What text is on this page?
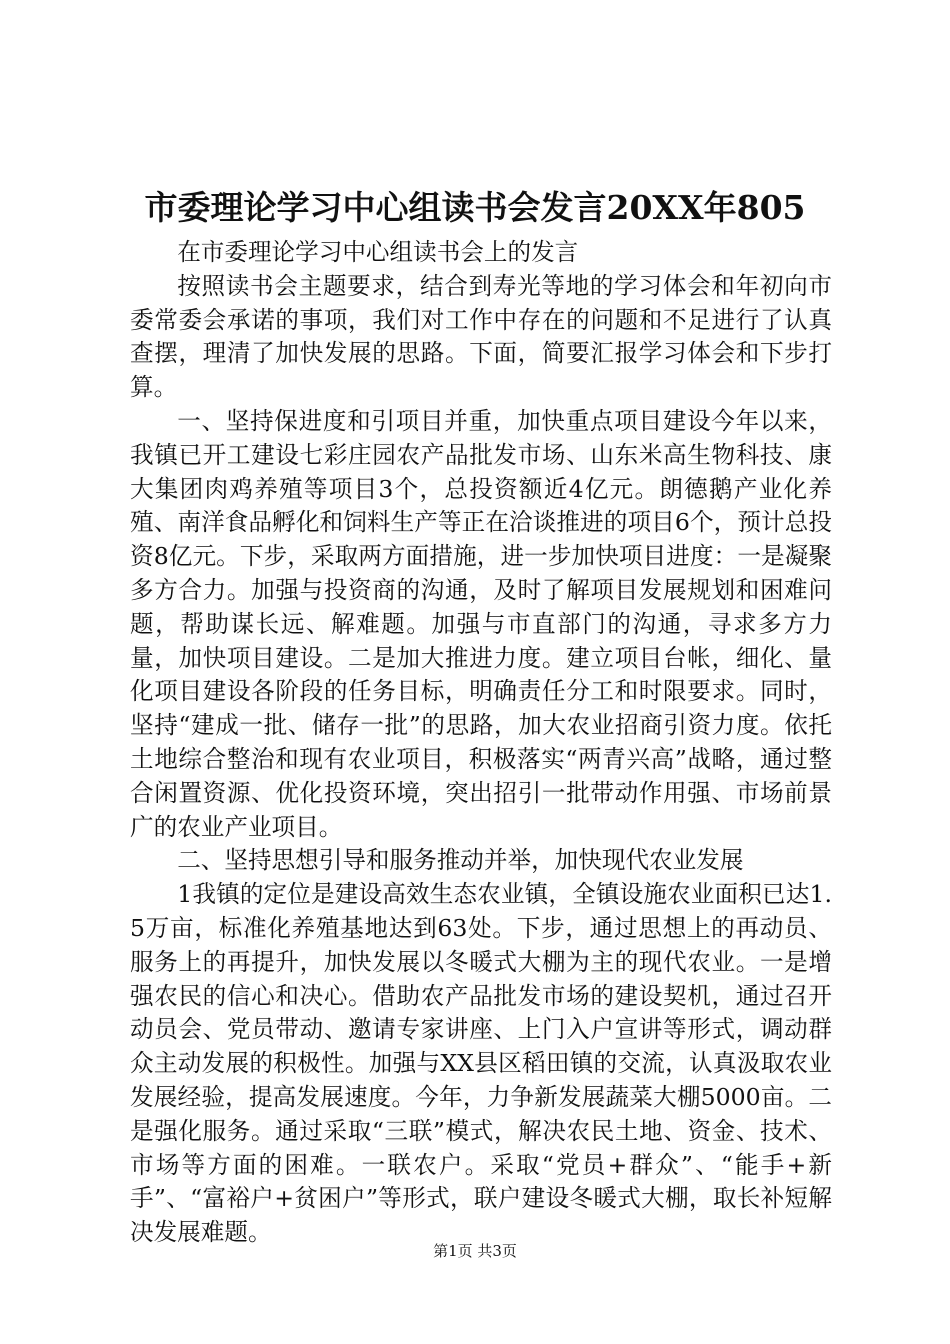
市委理论学习中心组读书会发言20XX年805

在市委理论学习中心组读书会上的发言

按照读书会主题要求，结合到寿光等地的学习体会和年初向市委常委会承诺的事项，我们对工作中存在的问题和不足进行了认真查摆，理清了加快发展的思路。下面，简要汇报学习体会和下步打算。

一、坚持保进度和引项目并重，加快重点项目建设今年以来，我镇已开工建设七彩庄园农产品批发市场、山东米高生物科技、康大集团肉鸡养殖等项目3个，总投资额近4亿元。朗德鹅产业化养殖、南洋食品孵化和饲料生产等正在洽谈推进的项目6个，预计总投资8亿元。下步，采取两方面措施，进一步加快项目进度：一是凝聚多方合力。加强与投资商的沟通，及时了解项目发展规划和困难问题，帮助谋长远、解难题。加强与市直部门的沟通，寻求多方力量，加快项目建设。二是加大推进力度。建立项目台帐，细化、量化项目建设各阶段的任务目标，明确责任分工和时限要求。同时，坚持“建成一批、储存一批”的思路，加大农业招商引资力度。依托土地综合整治和现有农业项目，积极落实“两青兴高”战略，通过整合闲置资源、优化投资环境，突出招引一批带动作用强、市场前景广的农业产业项目。

二、坚持思想引导和服务推动并举，加快现代农业发展

1我镇的定位是建设高效生态农业镇，全镇设施农业面积已达1.5万亩，标准化养殖基地达到63处。下步，通过思想上的再动员、服务上的再提升，加快发展以冬暖式大棚为主的现代农业。一是增强农民的信心和决心。借助农产品批发市场的建设契机，通过召开动员会、党员带动、邀请专家讲座、上门入户宣讲等形式，调动群众主动发展的积极性。加强与XX县区稻田镇的交流，认真汲取农业发展经验，提高发展速度。今年，力争新发展蔬菜大棚5000亩。二是强化服务。通过采取“三联”模式，解决农民土地、资金、技术、市场等方面的困难。一联农户。采取“党员+群众”、“能手+新手”、“富裕户+贫困户”等形式，联户建设冬暖式大棚，取长补短解决发展难题。

第1页 共3页
